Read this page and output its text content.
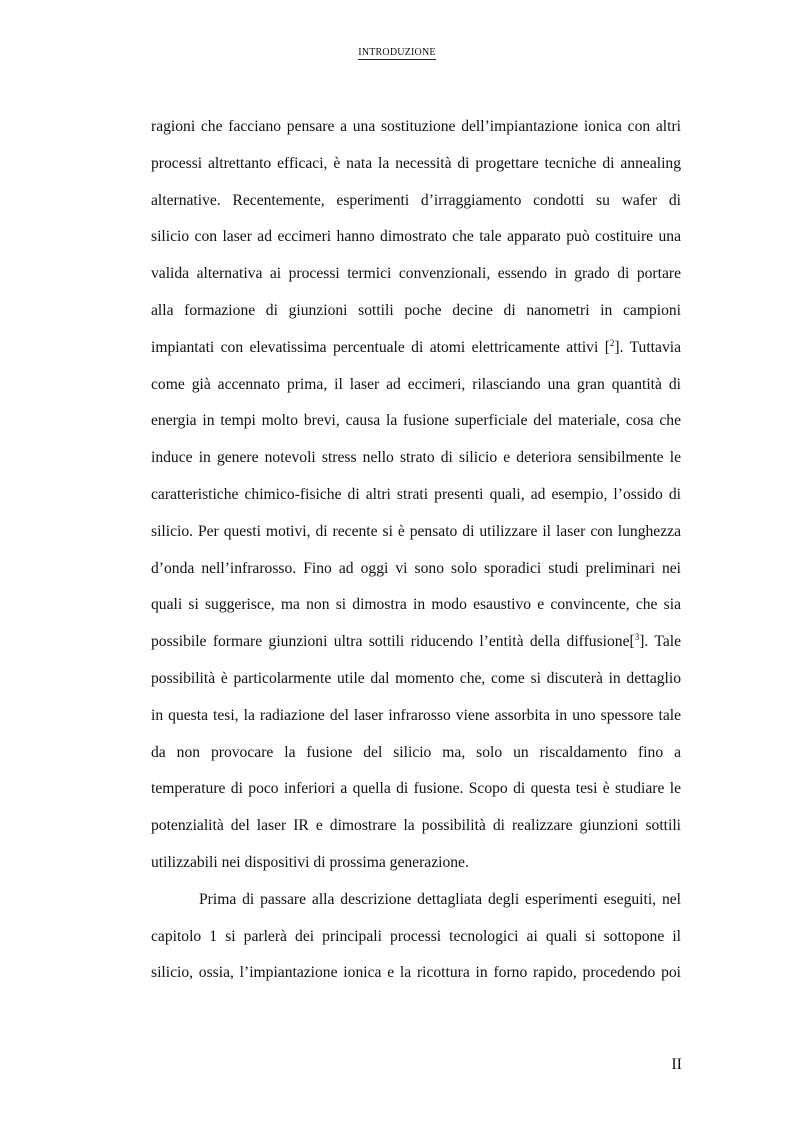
INTRODUZIONE
ragioni che facciano pensare a una sostituzione dell’impiantazione ionica con altri
processi altrettanto efficaci, è nata la necessità di progettare tecniche di annealing
alternative. Recentemente, esperimenti d’irraggiamento condotti su wafer di
silicio con laser ad eccimeri hanno dimostrato che tale apparato può costituire una
valida alternativa ai processi termici convenzionali, essendo in grado di portare
alla formazione di giunzioni sottili poche decine di nanometri in campioni
impiantati con elevatissima percentuale di atomi elettricamente attivi [$^2$]. Tuttavia
come già accennato prima, il laser ad eccimeri, rilasciando una gran quantità di
energia in tempi molto brevi, causa la fusione superficiale del materiale, cosa che
induce in genere notevoli stress nello strato di silicio e deteriora sensibilmente le
caratteristiche chimico-fisiche di altri strati presenti quali, ad esempio, l’ossido di
silicio. Per questi motivi, di recente si è pensato di utilizzare il laser con lunghezza
d’onda nell’infrarosso. Fino ad oggi vi sono solo sporadici studi preliminari nei
quali si suggerisce, ma non si dimostra in modo esaustivo e convincente, che sia
possibile formare giunzioni ultra sottili riducendo l’entità della diffusione[$^3$]. Tale
possibilità è particolarmente utile dal momento che, come si discuterà in dettaglio
in questa tesi, la radiazione del laser infrarosso viene assorbita in uno spessore tale
da non provocare la fusione del silicio ma, solo un riscaldamento fino a
temperature di poco inferiori a quella di fusione. Scopo di questa tesi è studiare le
potenzialità del laser IR e dimostrare la possibilità di realizzare giunzioni sottili
utilizzabili nei dispositivi di prossima generazione.
Prima di passare alla descrizione dettagliata degli esperimenti eseguiti, nel
capitolo 1 si parlerà dei principali processi tecnologici ai quali si sottopone il
silicio, ossia, l’impiantazione ionica e la ricottura in forno rapido, procedendo poi
II
